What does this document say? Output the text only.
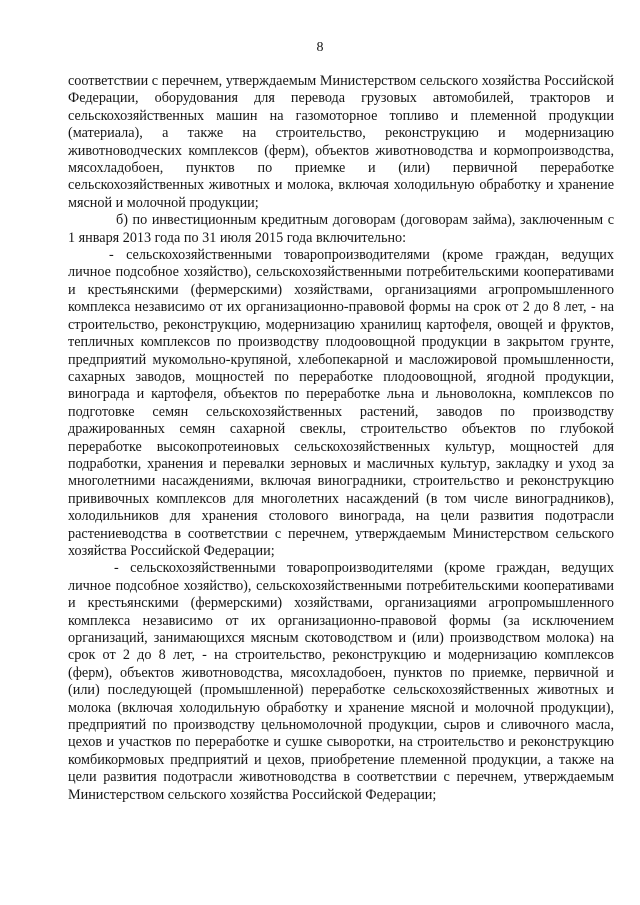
8

соответствии с перечнем, утверждаемым Министерством сельского хозяйства Российской Федерации, оборудования для перевода грузовых автомобилей, тракторов и сельскохозяйственных машин на газомоторное топливо и племенной продукции (материала), а также на строительство, реконструкцию и модернизацию животноводческих комплексов (ферм), объектов животноводства и кормопроизводства, мясохладобоен, пунктов по приемке и (или) первичной переработке сельскохозяйственных животных и молока, включая холодильную обработку и хранение мясной и молочной продукции;

б) по инвестиционным кредитным договорам (договорам займа), заключенным с 1 января 2013 года по 31 июля 2015 года включительно:

- сельскохозяйственными товаропроизводителями (кроме граждан, ведущих личное подсобное хозяйство), сельскохозяйственными потребительскими кооперативами и крестьянскими (фермерскими) хозяйствами, организациями агропромышленного комплекса независимо от их организационно-правовой формы на срок от 2 до 8 лет, - на строительство, реконструкцию, модернизацию хранилищ картофеля, овощей и фруктов, тепличных комплексов по производству плодоовощной продукции в закрытом грунте, предприятий мукомольно-крупяной, хлебопекарной и масложировой промышленности, сахарных заводов, мощностей по переработке плодоовощной, ягодной продукции, винограда и картофеля, объектов по переработке льна и льноволокна, комплексов по подготовке семян сельскохозяйственных растений, заводов по производству дражированных семян сахарной свеклы, строительство объектов по глубокой переработке высокопротеиновых сельскохозяйственных культур, мощностей для подработки, хранения и перевалки зерновых и масличных культур, закладку и уход за многолетними насаждениями, включая виноградники, строительство и реконструкцию прививочных комплексов для многолетних насаждений (в том числе виноградников), холодильников для хранения столового винограда, на цели развития подотрасли растениеводства в соответствии с перечнем, утверждаемым Министерством сельского хозяйства Российской Федерации;

- сельскохозяйственными товаропроизводителями (кроме граждан, ведущих личное подсобное хозяйство), сельскохозяйственными потребительскими кооперативами и крестьянскими (фермерскими) хозяйствами, организациями агропромышленного комплекса независимо от их организационно-правовой формы (за исключением организаций, занимающихся мясным скотоводством и (или) производством молока) на срок от 2 до 8 лет, - на строительство, реконструкцию и модернизацию комплексов (ферм), объектов животноводства, мясохладобоен, пунктов по приемке, первичной и (или) последующей (промышленной) переработке сельскохозяйственных животных и молока (включая холодильную обработку и хранение мясной и молочной продукции), предприятий по производству цельномолочной продукции, сыров и сливочного масла, цехов и участков по переработке и сушке сыворотки, на строительство и реконструкцию комбикормовых предприятий и цехов, приобретение племенной продукции, а также на цели развития подотрасли животноводства в соответствии с перечнем, утверждаемым Министерством сельского хозяйства Российской Федерации;
